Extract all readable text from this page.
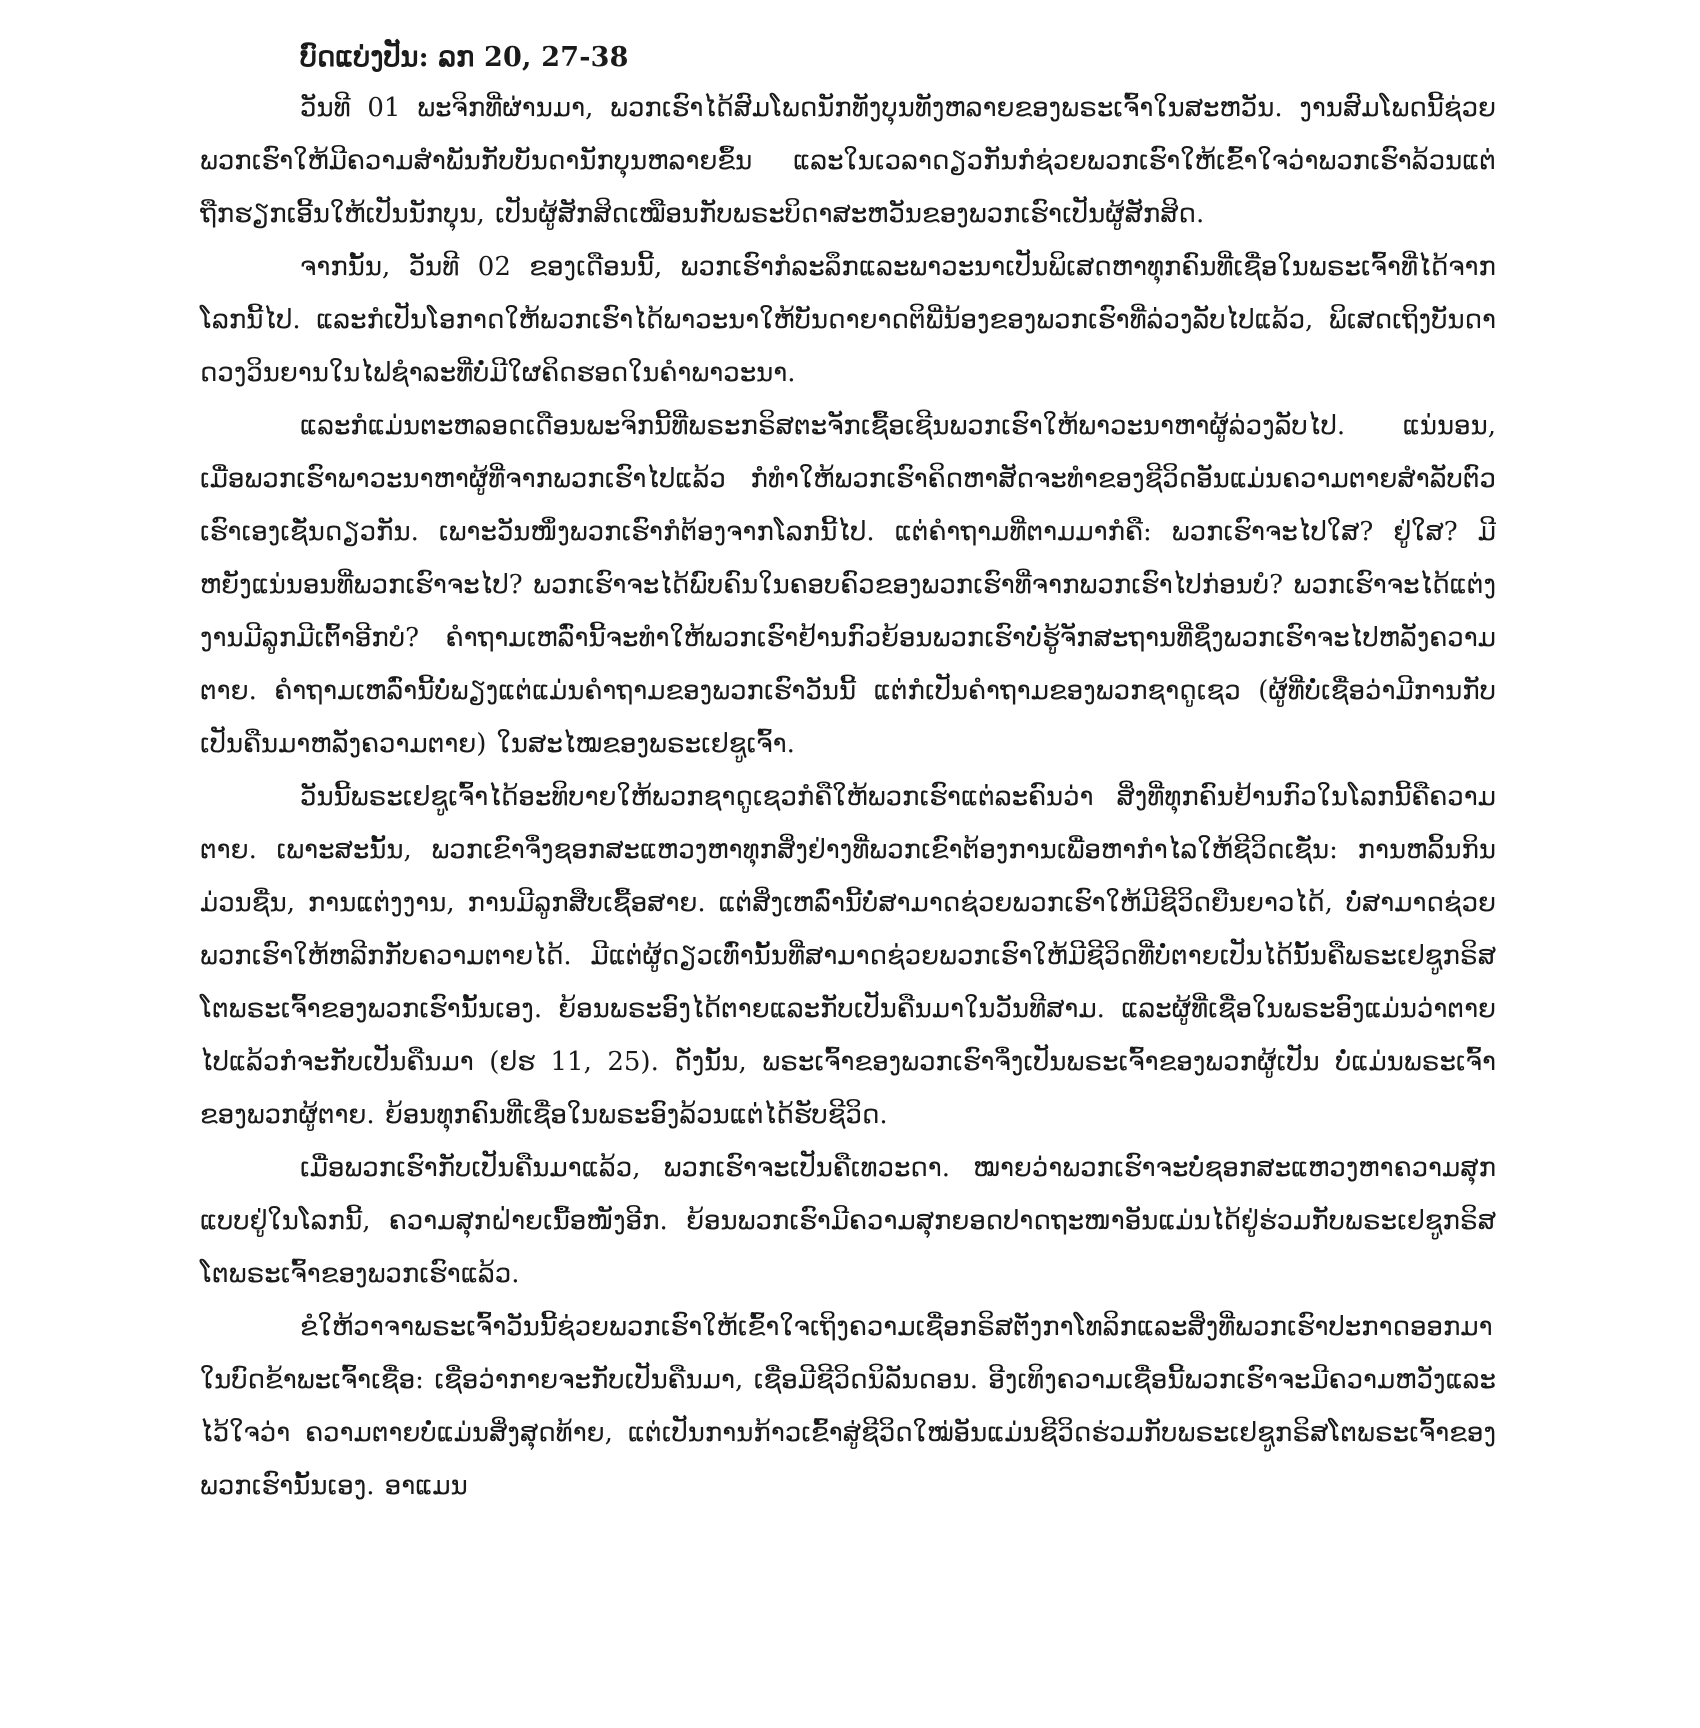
ບົດແບ່ງປັນ: ລກ 20, 27-38

ວັນທີ 01 ພະຈິກທີ່ຜ່ານມາ, ພວກເຮົາໄດ້ສົມໂພດນັກທັງບຸນທັງຫລາຍຂອງພຣະເຈົ້າໃນສະຫວັນ. ງານສົມໂພດນີ້ຊ່ວຍພວກເຮົາໃຫ້ມີຄວາມສຳພັນກັບບັນດານັກບຸນຫລາຍຂຶ້ນ ແລະໃນເວລາດຽວກັນກໍຊ່ວຍພວກເຮົາໃຫ້ເຂົ້າໃຈວ່າພວກເຮົາລ້ວນແຕ່ຖືກຮຽກເອີ້ນໃຫ້ເປັນນັກບຸນ, ເປັນຜູ້ສັກສິດເໝືອນກັບພຣະບິດາສະຫວັນຂອງພວກເຮົາເປັນຜູ້ສັກສິດ.

ຈາກນັ້ນ, ວັນທີ 02 ຂອງເດືອນນີ້, ພວກເຮົາກໍລະລຶກແລະພາວະນາເປັນພິເສດຫາທຸກຄົນທີ່ເຊື່ອໃນພຣະເຈົ້າທີ່ໄດ້ຈາກໂລກນີ້ໄປ. ແລະກໍເປັນໂອກາດໃຫ້ພວກເຮົາໄດ້ພາວະນາໃຫ້ບັນດາຍາດຕິພີ່ນ້ອງຂອງພວກເຮົາທີ່ລ່ວງລັບໄປແລ້ວ, ພິເສດເຖິງບັນດາດວງວິນຍານໃນໄຟຊຳລະທີ່ບໍ່ມີໃຜຄິດຮອດໃນຄຳພາວະນາ.

ແລະກໍແມ່ນຕະຫລອດເດືອນພະຈິກນີ້ທີ່ພຣະກຣິສຕະຈັກເຊື້ອເຊີນພວກເຮົາໃຫ້ພາວະນາຫາຜູ້ລ່ວງລັບໄປ. ແນ່ນອນ, ເມື່ອພວກເຮົາພາວະນາຫາຜູ້ທີ່ຈາກພວກເຮົາໄປແລ້ວ ກໍທຳໃຫ້ພວກເຮົາຄິດຫາສັດຈະທຳຂອງຊີວິດອັນແມ່ນຄວາມຕາຍສຳລັບຕົວເຮົາເອງເຊັ່ນດຽວກັນ. ເພາະວັນໜຶ່ງພວກເຮົາກໍຕ້ອງຈາກໂລກນີ້ໄປ. ແຕ່ຄຳຖາມທີ່ຕາມມາກໍຄື: ພວກເຮົາຈະໄປໃສ? ຢູ່ໃສ? ມີຫຍັງແນ່ນອນທີ່ພວກເຮົາຈະໄປ? ພວກເຮົາຈະໄດ້ພົບຄົນໃນຄອບຄົວຂອງພວກເຮົາທີ່ຈາກພວກເຮົາໄປກ່ອນບໍ? ພວກເຮົາຈະໄດ້ແຕ່ງງານມີລູກມີເຕົ້າອີກບໍ? ຄຳຖາມເຫລົ່ານີ້ຈະທຳໃຫ້ພວກເຮົາຢ້ານກົວຍ້ອນພວກເຮົາບໍ່ຮູ້ຈັກສະຖານທີ່ຊຶ່ງພວກເຮົາຈະໄປຫລັງຄວາມຕາຍ. ຄຳຖາມເຫລົ່ານີ້ບໍ່ພຽງແຕ່ແມ່ນຄຳຖາມຂອງພວກເຮົາວັນນີ້ ແຕ່ກໍເປັນຄຳຖາມຂອງພວກຊາດູເຊວ (ຜູ້ທີ່ບໍ່ເຊື່ອວ່າມີການກັບເປັນຄືນມາຫລັງຄວາມຕາຍ) ໃນສະໄໝຂອງພຣະເຢຊູເຈົ້າ.

ວັນນີ້ພຣະເຢຊູເຈົ້າໄດ້ອະທິບາຍໃຫ້ພວກຊາດູເຊວກໍຄືໃຫ້ພວກເຮົາແຕ່ລະຄົນວ່າ ສິ່ງທີ່ທຸກຄົນຢ້ານກົວໃນໂລກນີ້ຄືຄວາມຕາຍ. ເພາະສະນັ້ນ, ພວກເຂົາຈຶ່ງຊອກສະແຫວງຫາທຸກສິ່ງຢ່າງທີ່ພວກເຂົາຕ້ອງການເພື່ອຫາກຳໄລໃຫ້ຊີວິດເຊັ່ນ: ການຫລິ້ນກິນມ່ວນຊື່ນ, ການແຕ່ງງານ, ການມີລູກສືບເຊື້ອສາຍ. ແຕ່ສິ່ງເຫລົ່ານີ້ບໍ່ສາມາດຊ່ວຍພວກເຮົາໃຫ້ມີຊີວິດຍືນຍາວໄດ້, ບໍ່ສາມາດຊ່ວຍພວກເຮົາໃຫ້ຫລີກກັບຄວາມຕາຍໄດ້. ມີແຕ່ຜູ້ດຽວເທົ່ານັ້ນທີ່ສາມາດຊ່ວຍພວກເຮົາໃຫ້ມີຊີວິດທີ່ບໍ່ຕາຍເປັນໄດ້ນັ້ນຄືພຣະເຢຊູກຣິສໂຕພຣະເຈົ້າຂອງພວກເຮົານັ້ນເອງ. ຍ້ອນພຣະອົງໄດ້ຕາຍແລະກັບເປັນຄືນມາໃນວັນທີສາມ. ແລະຜູ້ທີ່ເຊື່ອໃນພຣະອົງແມ່ນວ່າຕາຍໄປແລ້ວກໍຈະກັບເປັນຄືນມາ (ຢຮ 11, 25). ດັ່ງນັ້ນ, ພຣະເຈົ້າຂອງພວກເຮົາຈຶ່ງເປັນພຣະເຈົ້າຂອງພວກຜູ້ເປັນ ບໍ່ແມ່ນພຣະເຈົ້າຂອງພວກຜູ້ຕາຍ. ຍ້ອນທຸກຄົນທີ່ເຊື່ອໃນພຣະອົງລ້ວນແຕ່ໄດ້ຮັບຊີວິດ.

ເມື່ອພວກເຮົາກັບເປັນຄືນມາແລ້ວ, ພວກເຮົາຈະເປັນຄືເທວະດາ. ໝາຍວ່າພວກເຮົາຈະບໍ່ຊອກສະແຫວງຫາຄວາມສຸກແບບຢູ່ໃນໂລກນີ້, ຄວາມສຸກຝ່າຍເນື້ອໜັງອີກ. ຍ້ອນພວກເຮົາມີຄວາມສຸກຍອດປາດຖະໜາອັນແມ່ນໄດ້ຢູ່ຮ່ວມກັບພຣະເຢຊູກຣິສໂຕພຣະເຈົ້າຂອງພວກເຮົາແລ້ວ.

ຂໍໃຫ້ວາຈາພຣະເຈົ້າວັນນີ້ຊ່ວຍພວກເຮົາໃຫ້ເຂົ້າໃຈເຖິງຄວາມເຊື່ອກຣິສຕັງກາໂທລິກແລະສິ່ງທີ່ພວກເຮົາປະກາດອອກມາໃນບົດຂ້າພະເຈົ້າເຊື່ອ: ເຊື່ອວ່າກາຍຈະກັບເປັນຄືນມາ, ເຊື່ອມີຊີວິດນິລັນດອນ. ອີງເທິງຄວາມເຊື່ອນີ້ພວກເຮົາຈະມີຄວາມຫວັງແລະໄວ້ໃຈວ່າ ຄວາມຕາຍບໍ່ແມ່ນສິ່ງສຸດທ້າຍ, ແຕ່ເປັນການກ້າວເຂົ້າສູ່ຊີວິດໃໝ່ອັນແມ່ນຊີວິດຮ່ວມກັບພຣະເຢຊູກຣິສໂຕພຣະເຈົ້າຂອງພວກເຮົານັ້ນເອງ. ອາແມນ
